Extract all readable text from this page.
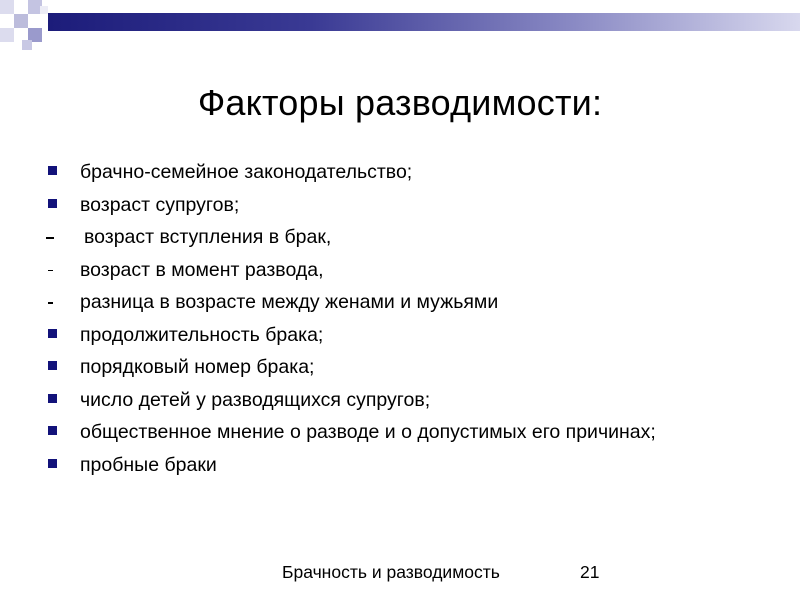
Факторы разводимости:
брачно-семейное законодательство;
возраст супругов;
возраст вступления в брак,
возраст в момент развода,
разница в возрасте между женами и мужьями
продолжительность брака;
порядковый номер брака;
число детей у разводящихся супругов;
общественное мнение о разводе и о допустимых его причинах;
пробные браки
Брачность и разводимость	21
